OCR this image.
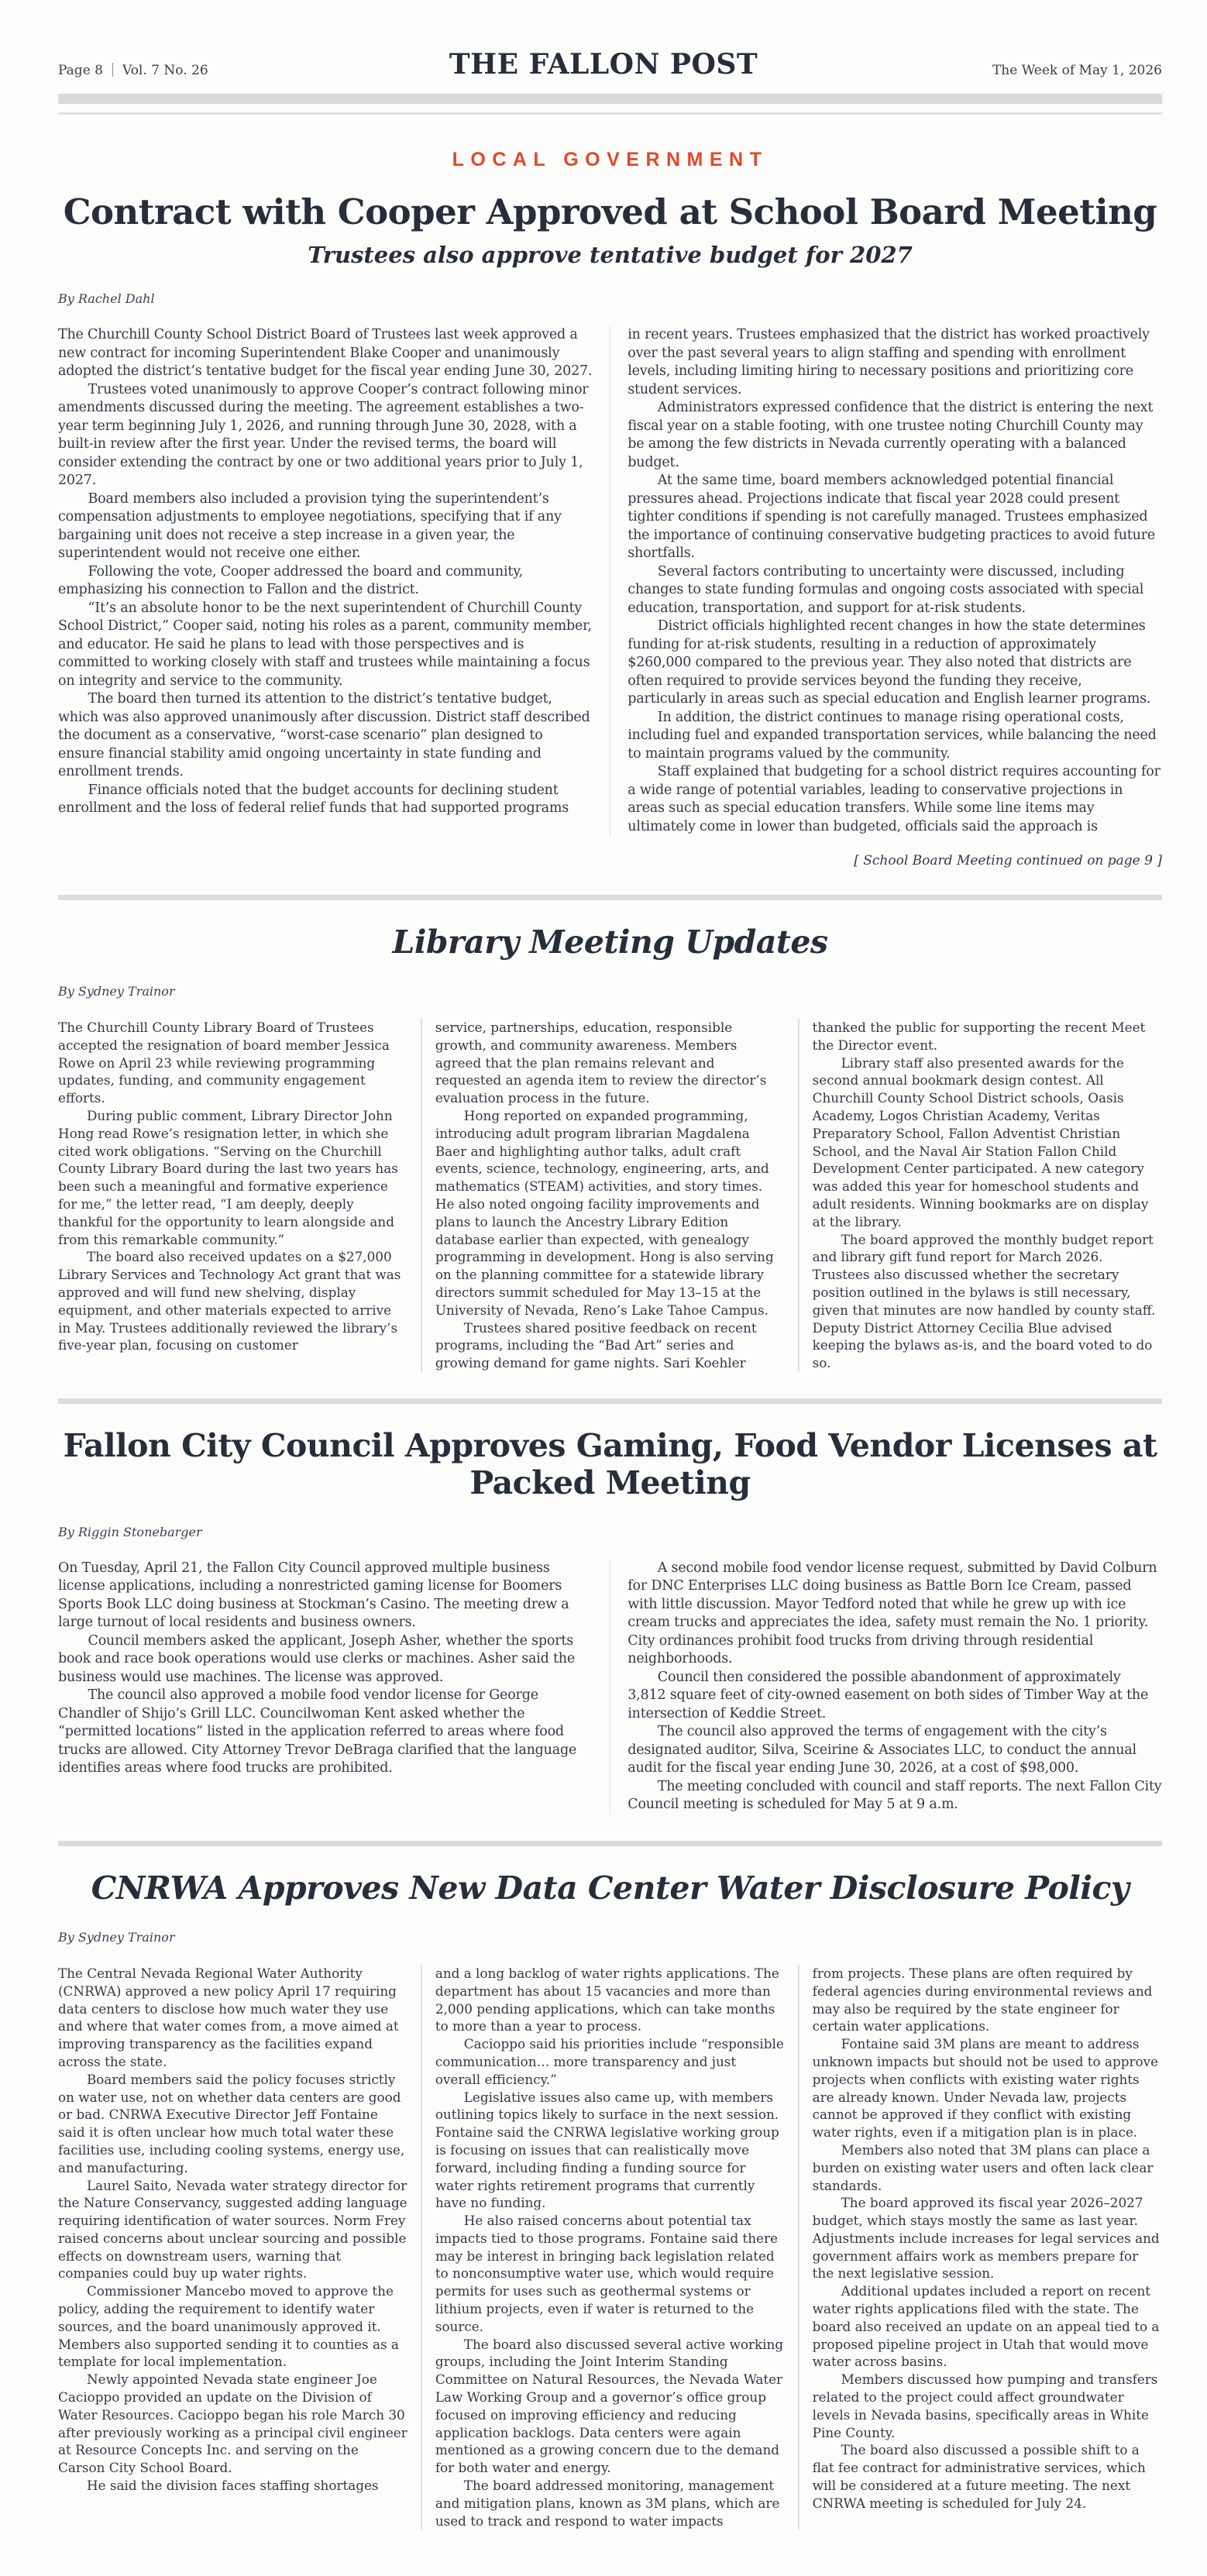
Page 8 Vol. 7 No. 26	THE FALLON POST	The Week of May 1, 2026
LOCAL GOVERNMENT
Contract with Cooper Approved at School Board Meeting
Trustees also approve tentative budget for 2027
By Rachel Dahl

The Churchill County School District Board of Trustees last week approved a new contract for incoming Superintendent Blake Cooper and unanimously adopted the district’s tentative budget for the fiscal year ending June 30, 2027.

Trustees voted unanimously to approve Cooper’s contract following minor amendments discussed during the meeting. The agreement establishes a two-year term beginning July 1, 2026, and running through June 30, 2028, with a built-in review after the first year. Under the revised terms, the board will consider extending the contract by one or two additional years prior to July 1, 2027.

Board members also included a provision tying the superintendent’s compensation adjustments to employee negotiations, specifying that if any bargaining unit does not receive a step increase in a given year, the superintendent would not receive one either.

Following the vote, Cooper addressed the board and community, emphasizing his connection to Fallon and the district.

“It’s an absolute honor to be the next superintendent of Churchill County School District,” Cooper said, noting his roles as a parent, community member, and educator. He said he plans to lead with those perspectives and is committed to working closely with staff and trustees while maintaining a focus on integrity and service to the community.

The board then turned its attention to the district’s tentative budget, which was also approved unanimously after discussion. District staff described the document as a conservative, “worst-case scenario” plan designed to ensure financial stability amid ongoing uncertainty in state funding and enrollment trends.

Finance officials noted that the budget accounts for declining student enrollment and the loss of federal relief funds that had supported programs

in recent years. Trustees emphasized that the district has worked proactively over the past several years to align staffing and spending with enrollment levels, including limiting hiring to necessary positions and prioritizing core student services.

Administrators expressed confidence that the district is entering the next fiscal year on a stable footing, with one trustee noting Churchill County may be among the few districts in Nevada currently operating with a balanced budget.

At the same time, board members acknowledged potential financial pressures ahead. Projections indicate that fiscal year 2028 could present tighter conditions if spending is not carefully managed. Trustees emphasized the importance of continuing conservative budgeting practices to avoid future shortfalls.

Several factors contributing to uncertainty were discussed, including changes to state funding formulas and ongoing costs associated with special education, transportation, and support for at-risk students.

District officials highlighted recent changes in how the state determines funding for at-risk students, resulting in a reduction of approximately $260,000 compared to the previous year. They also noted that districts are often required to provide services beyond the funding they receive, particularly in areas such as special education and English learner programs.

In addition, the district continues to manage rising operational costs, including fuel and expanded transportation services, while balancing the need to maintain programs valued by the community.

Staff explained that budgeting for a school district requires accounting for a wide range of potential variables, leading to conservative projections in areas such as special education transfers. While some line items may ultimately come in lower than budgeted, officials said the approach is

[ School Board Meeting continued on page 9 ]
Library Meeting Updates
By Sydney Trainor

The Churchill County Library Board of Trustees accepted the resignation of board member Jessica Rowe on April 23 while reviewing programming updates, funding, and community engagement efforts.

During public comment, Library Director John Hong read Rowe’s resignation letter, in which she cited work obligations. “Serving on the Churchill County Library Board during the last two years has been such a meaningful and formative experience for me,” the letter read, “I am deeply, deeply thankful for the opportunity to learn alongside and from this remarkable community.”

The board also received updates on a $27,000 Library Services and Technology Act grant that was approved and will fund new shelving, display equipment, and other materials expected to arrive in May. Trustees additionally reviewed the library’s five-year plan, focusing on customer

service, partnerships, education, responsible growth, and community awareness. Members agreed that the plan remains relevant and requested an agenda item to review the director’s evaluation process in the future.

Hong reported on expanded programming, introducing adult program librarian Magdalena Baer and highlighting author talks, adult craft events, science, technology, engineering, arts, and mathematics (STEAM) activities, and story times. He also noted ongoing facility improvements and plans to launch the Ancestry Library Edition database earlier than expected, with genealogy programming in development. Hong is also serving on the planning committee for a statewide library directors summit scheduled for May 13–15 at the University of Nevada, Reno’s Lake Tahoe Campus.

Trustees shared positive feedback on recent programs, including the “Bad Art” series and growing demand for game nights. Sari Koehler

thanked the public for supporting the recent Meet the Director event.

Library staff also presented awards for the second annual bookmark design contest. All Churchill County School District schools, Oasis Academy, Logos Christian Academy, Veritas Preparatory School, Fallon Adventist Christian School, and the Naval Air Station Fallon Child Development Center participated. A new category was added this year for homeschool students and adult residents. Winning bookmarks are on display at the library.

The board approved the monthly budget report and library gift fund report for March 2026. Trustees also discussed whether the secretary position outlined in the bylaws is still necessary, given that minutes are now handled by county staff. Deputy District Attorney Cecilia Blue advised keeping the bylaws as-is, and the board voted to do so.

Fallon City Council Approves Gaming, Food Vendor Licenses at Packed Meeting
By Riggin Stonebarger

On Tuesday, April 21, the Fallon City Council approved multiple business license applications, including a nonrestricted gaming license for Boomers Sports Book LLC doing business at Stockman’s Casino. The meeting drew a large turnout of local residents and business owners.

Council members asked the applicant, Joseph Asher, whether the sports book and race book operations would use clerks or machines. Asher said the business would use machines. The license was approved.

The council also approved a mobile food vendor license for George Chandler of Shijo’s Grill LLC. Councilwoman Kent asked whether the “permitted locations” listed in the application referred to areas where food trucks are allowed. City Attorney Trevor DeBraga clarified that the language identifies areas where food trucks are prohibited.

A second mobile food vendor license request, submitted by David Colburn for DNC Enterprises LLC doing business as Battle Born Ice Cream, passed with little discussion. Mayor Tedford noted that while he grew up with ice cream trucks and appreciates the idea, safety must remain the No. 1 priority. City ordinances prohibit food trucks from driving through residential neighborhoods.

Council then considered the possible abandonment of approximately 3,812 square feet of city-owned easement on both sides of Timber Way at the intersection of Keddie Street.

The council also approved the terms of engagement with the city’s designated auditor, Silva, Sceirine & Associates LLC, to conduct the annual audit for the fiscal year ending June 30, 2026, at a cost of $98,000.

The meeting concluded with council and staff reports. The next Fallon City Council meeting is scheduled for May 5 at 9 a.m.

CNRWA Approves New Data Center Water Disclosure Policy
By Sydney Trainor

The Central Nevada Regional Water Authority (CNRWA) approved a new policy April 17 requiring data centers to disclose how much water they use and where that water comes from, a move aimed at improving transparency as the facilities expand across the state.

Board members said the policy focuses strictly on water use, not on whether data centers are good or bad. CNRWA Executive Director Jeff Fontaine said it is often unclear how much total water these facilities use, including cooling systems, energy use, and manufacturing.

Laurel Saito, Nevada water strategy director for the Nature Conservancy, suggested adding language requiring identification of water sources. Norm Frey raised concerns about unclear sourcing and possible effects on downstream users, warning that companies could buy up water rights.

Commissioner Mancebo moved to approve the policy, adding the requirement to identify water sources, and the board unanimously approved it. Members also supported sending it to counties as a template for local implementation.

Newly appointed Nevada state engineer Joe Cacioppo provided an update on the Division of Water Resources. Cacioppo began his role March 30 after previously working as a principal civil engineer at Resource Concepts Inc. and serving on the Carson City School Board.

He said the division faces staffing shortages

and a long backlog of water rights applications. The department has about 15 vacancies and more than 2,000 pending applications, which can take months to more than a year to process.

Cacioppo said his priorities include “responsible communication… more transparency and just overall efficiency.”

Legislative issues also came up, with members outlining topics likely to surface in the next session. Fontaine said the CNRWA legislative working group is focusing on issues that can realistically move forward, including finding a funding source for water rights retirement programs that currently have no funding.

He also raised concerns about potential tax impacts tied to those programs. Fontaine said there may be interest in bringing back legislation related to nonconsumptive water use, which would require permits for uses such as geothermal systems or lithium projects, even if water is returned to the source.

The board also discussed several active working groups, including the Joint Interim Standing Committee on Natural Resources, the Nevada Water Law Working Group and a governor’s office group focused on improving efficiency and reducing application backlogs. Data centers were again mentioned as a growing concern due to the demand for both water and energy.

The board addressed monitoring, management and mitigation plans, known as 3M plans, which are used to track and respond to water impacts

from projects. These plans are often required by federal agencies during environmental reviews and may also be required by the state engineer for certain water applications.

Fontaine said 3M plans are meant to address unknown impacts but should not be used to approve projects when conflicts with existing water rights are already known. Under Nevada law, projects cannot be approved if they conflict with existing water rights, even if a mitigation plan is in place.

Members also noted that 3M plans can place a burden on existing water users and often lack clear standards.

The board approved its fiscal year 2026–2027 budget, which stays mostly the same as last year. Adjustments include increases for legal services and government affairs work as members prepare for the next legislative session.

Additional updates included a report on recent water rights applications filed with the state. The board also received an update on an appeal tied to a proposed pipeline project in Utah that would move water across basins.

Members discussed how pumping and transfers related to the project could affect groundwater levels in Nevada basins, specifically areas in White Pine County.

The board also discussed a possible shift to a flat fee contract for administrative services, which will be considered at a future meeting. The next CNRWA meeting is scheduled for July 24.
